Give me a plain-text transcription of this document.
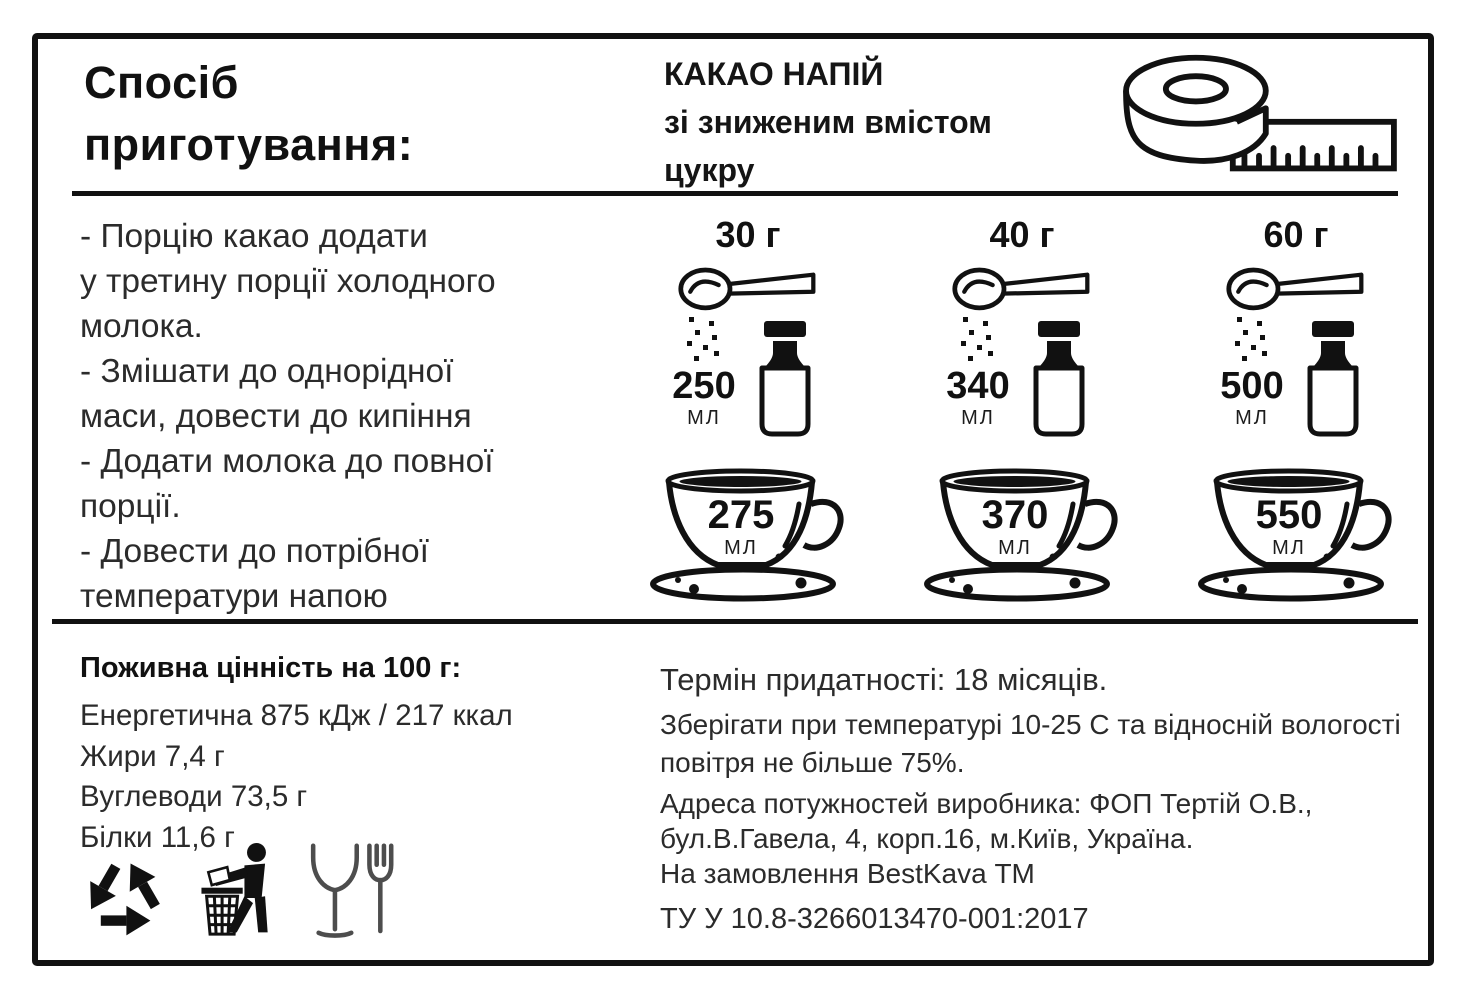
Спосіб
приготування:
КАКАО НАПІЙ
зі зниженим вмістом
цукру
- Порцію какао додати
у третину порції холодного
молока.
- Змішати до однорідної
маси, довести до кипіння
- Додати молока до повної
порції.
- Довести до потрібної
температури напою
30 г
250
МЛ
275
МЛ
40 г
340
МЛ
370
МЛ
60 г
500
МЛ
550
МЛ
Поживна цінність на 100 г:
Енергетична 875 кДж / 217 ккал
Жири 7,4 г
Вуглеводи 73,5 г
Білки 11,6 г
Термін придатності: 18 місяців.
Зберігати при температурі 10-25 С та відносній вологості
повітря не більше 75%.
Адреса потужностей виробника: ФОП Тертій О.В.,
бул.В.Гавела, 4, корп.16, м.Київ, Україна.
На замовлення BestKava ТМ
ТУ У 10.8-3266013470-001:2017
